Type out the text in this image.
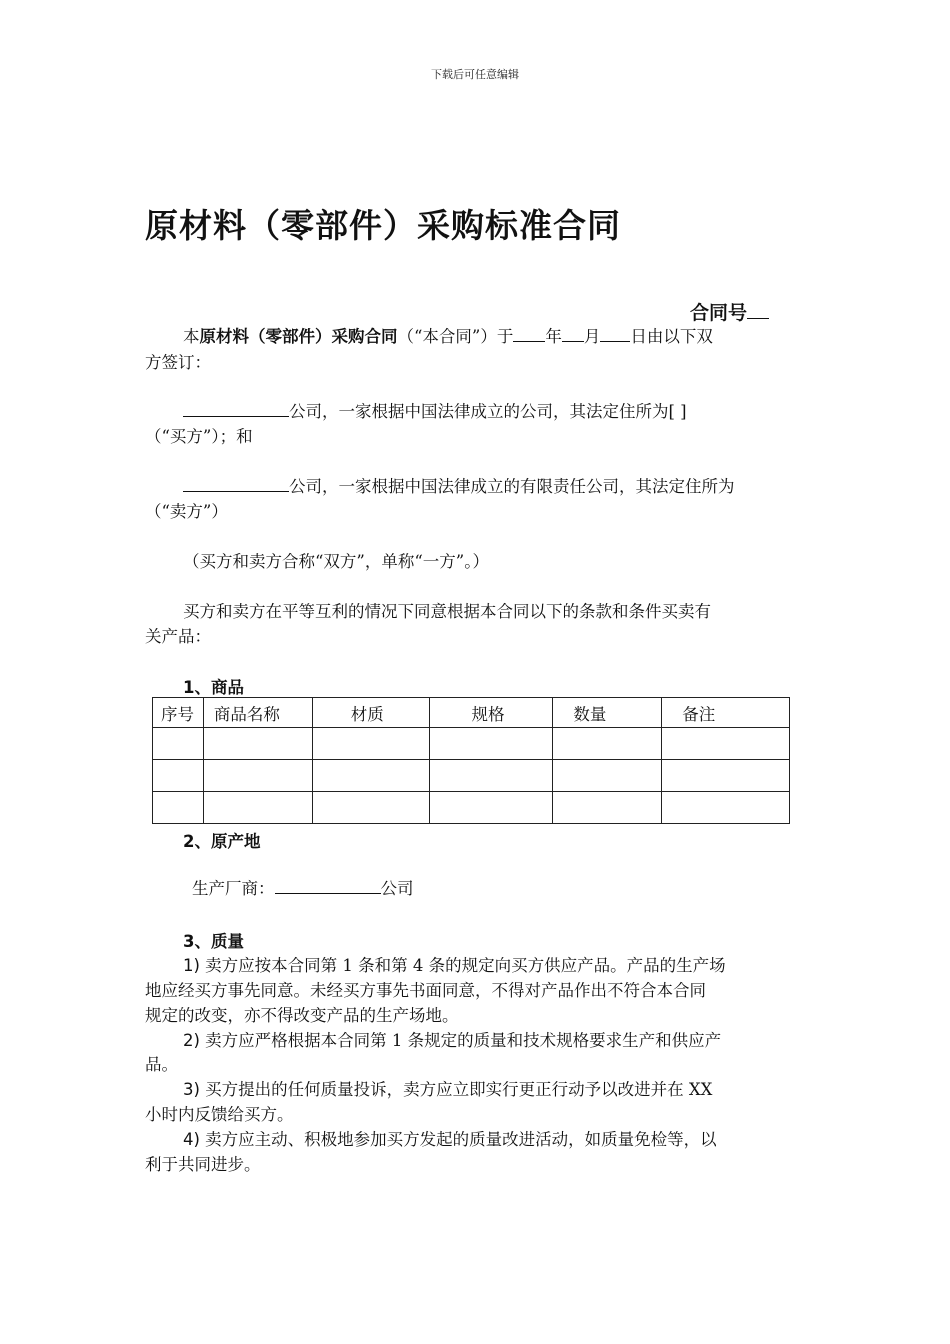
下载后可任意编辑
原材料（零部件）采购标准合同
合同号
本原材料（零部件）采购合同（“本合同”）于 年 月 日由以下双
方签订：
公司，一家根据中国法律成立的公司，其法定住所为[ ]
（“买方”）；和
公司，一家根据中国法律成立的有限责任公司，其法定住所为
（“卖方”）
（买方和卖方合称“双方”，单称“一方”。）
买方和卖方在平等互利的情况下同意根据本合同以下的条款和条件买卖有
关产品：
1、商品
序号	商品名称	材质	规格	数量	备注

2、原产地
生产厂商：	公司
3、质量
1) 卖方应按本合同第 1 条和第 4 条的规定向买方供应产品。产品的生产场
地应经买方事先同意。未经买方事先书面同意，不得对产品作出不符合本合同
规定的改变，亦不得改变产品的生产场地。
2) 卖方应严格根据本合同第 1 条规定的质量和技术规格要求生产和供应产
品。
3) 买方提出的任何质量投诉，卖方应立即实行更正行动予以改进并在 XX
小时内反馈给买方。
4) 卖方应主动、积极地参加买方发起的质量改进活动，如质量免检等，以
利于共同进步。
